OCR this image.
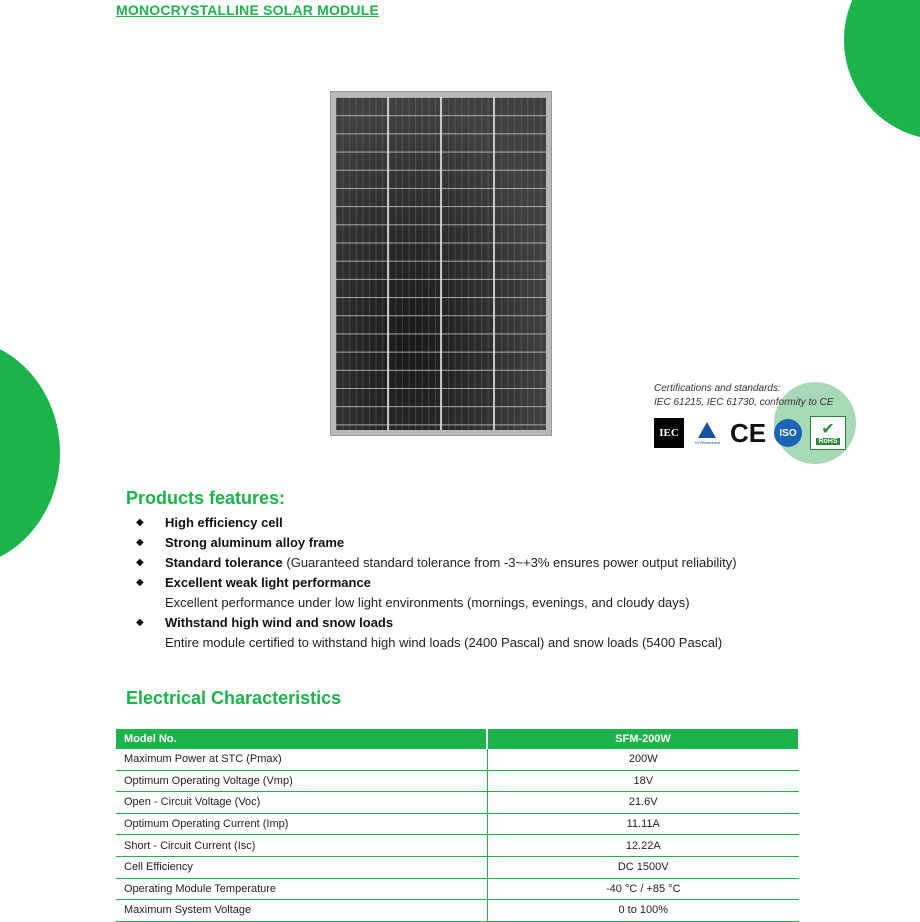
MONOCRYSTALLINE SOLAR MODULE
Certifications and standards:
IEC 61215, IEC 61730, conformity to CE
IEC
TÜVRheinland CE ISO ✔
RoHS
Products features:
◆ High efficiency cell
◆ Strong aluminum alloy frame
◆ Standard tolerance (Guaranteed standard tolerance from -3~+3% ensures power output reliability)
◆ Excellent weak light performance
Excellent performance under low light environments (mornings, evenings, and cloudy days)
◆ Withstand high wind and snow loads
Entire module certified to withstand high wind loads (2400 Pascal) and snow loads (5400 Pascal)
Electrical Characteristics
Model No.	SFM-200W
Maximum Power at STC (Pmax)	200W
Optimum Operating Voltage (Vmp)	18V
Open - Circuit Voltage (Voc)	21.6V
Optimum Operating Current (Imp)	11.11A
Short - Circuit Current (Isc)	12.22A
Cell Efficiency	DC 1500V
Operating Module Temperature	-40 °C / +85 °C
Maximum System Voltage	0 to 100%
